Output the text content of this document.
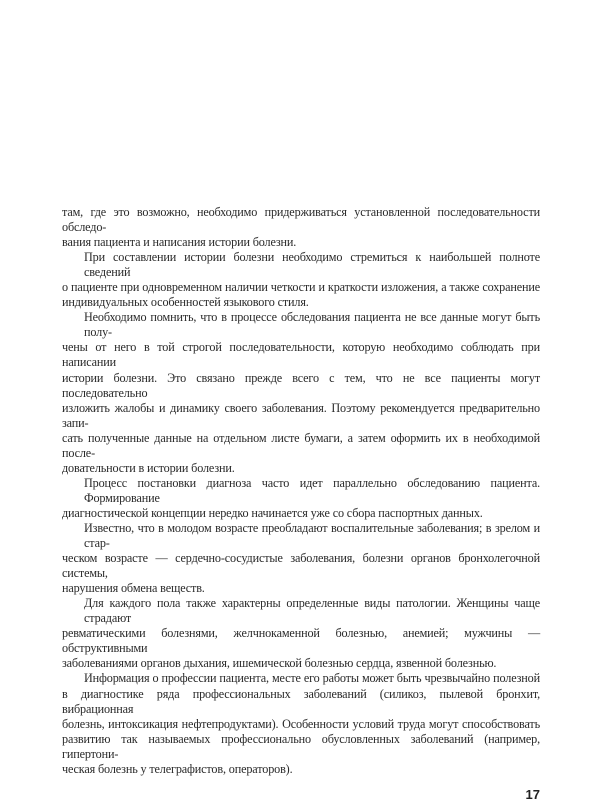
там, где это возможно, необходимо придерживаться установленной последовательности обследо-
вания пациента и написания истории болезни.
При составлении истории болезни необходимо стремиться к наибольшей полноте сведений
о пациенте при одновременном наличии четкости и краткости изложения, а также сохранение
индивидуальных особенностей языкового стиля.
Необходимо помнить, что в процессе обследования пациента не все данные могут быть полу-
чены от него в той строгой последовательности, которую необходимо соблюдать при написании
истории болезни. Это связано прежде всего с тем, что не все пациенты могут последовательно
изложить жалобы и динамику своего заболевания. Поэтому рекомендуется предварительно запи-
сать полученные данные на отдельном листе бумаги, а затем оформить их в необходимой после-
довательности в истории болезни.
Процесс постановки диагноза часто идет параллельно обследованию пациента. Формирование
диагностической концепции нередко начинается уже со сбора паспортных данных.
Известно, что в молодом возрасте преобладают воспалительные заболевания; в зрелом и стар-
ческом возрасте — сердечно-сосудистые заболевания, болезни органов бронхолегочной системы,
нарушения обмена веществ.
Для каждого пола также характерны определенные виды патологии. Женщины чаще страдают
ревматическими болезнями, желчнокаменной болезнью, анемией; мужчины — обструктивными
заболеваниями органов дыхания, ишемической болезнью сердца, язвенной болезнью.
Информация о профессии пациента, месте его работы может быть чрезвычайно полезной
в диагностике ряда профессиональных заболеваний (силикоз, пылевой бронхит, вибрационная
болезнь, интоксикация нефтепродуктами). Особенности условий труда могут способствовать
развитию так называемых профессионально обусловленных заболеваний (например, гипертони-
ческая болезнь у телеграфистов, операторов).
17
